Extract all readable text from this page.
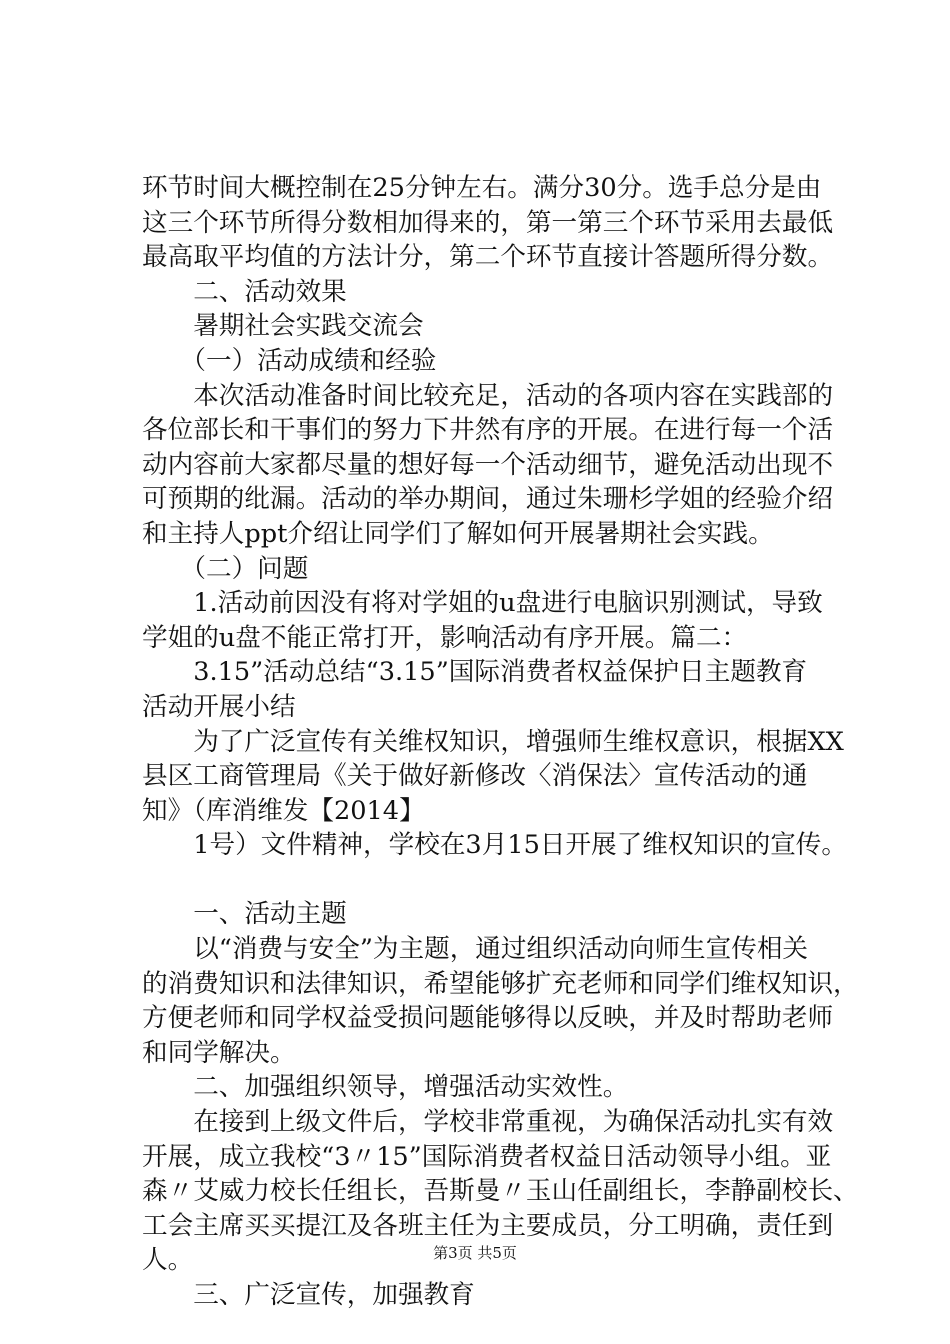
环节时间大概控制在25分钟左右。满分30分。选手总分是由
这三个环节所得分数相加得来的，第一第三个环节采用去最低
最高取平均值的方法计分，第二个环节直接计答题所得分数。
　　二、活动效果
　　暑期社会实践交流会
　　（一）活动成绩和经验
　　本次活动准备时间比较充足，活动的各项内容在实践部的
各位部长和干事们的努力下井然有序的开展。在进行每一个活
动内容前大家都尽量的想好每一个活动细节，避免活动出现不
可预期的纰漏。活动的举办期间，通过朱珊杉学姐的经验介绍
和主持人ppt介绍让同学们了解如何开展暑期社会实践。
　　（二）问题
　　1.活动前因没有将对学姐的u盘进行电脑识别测试，导致
学姐的u盘不能正常打开，影响活动有序开展。篇二：
　　3.15”活动总结“3.15”国际消费者权益保护日主题教育
活动开展小结
　　为了广泛宣传有关维权知识，增强师生维权意识，根据XX
县区工商管理局《关于做好新修改〈消保法〉宣传活动的通
知》（库消维发【2014】
　　1号）文件精神，学校在3月15日开展了维权知识的宣传。
　　一、活动主题
　　以“消费与安全”为主题，通过组织活动向师生宣传相关
的消费知识和法律知识，希望能够扩充老师和同学们维权知识，
方便老师和同学权益受损问题能够得以反映，并及时帮助老师
和同学解决。
　　二、加强组织领导，增强活动实效性。
　　在接到上级文件后，学校非常重视，为确保活动扎实有效
开展，成立我校“3〃15”国际消费者权益日活动领导小组。亚
森〃艾威力校长任组长，吾斯曼〃玉山任副组长，李静副校长、
工会主席买买提江及各班主任为主要成员，分工明确，责任到
人。
　　三、广泛宣传，加强教育
第3页 共5页
